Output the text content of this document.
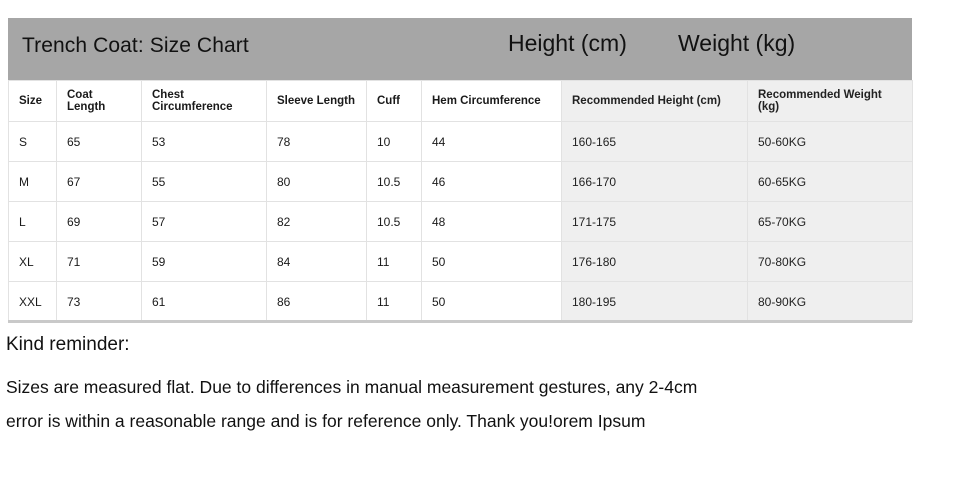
Trench Coat: Size Chart	Height (cm) Weight (kg)
Size	Coat Length	Chest Circumference	Sleeve Length	Cuff	Hem Circumference	Recommended Height (cm)	Recommended Weight (kg)
S	65	53	78	10	44	160-165	50-60KG
M	67	55	80	10.5	46	166-170	60-65KG
L	69	57	82	10.5	48	171-175	65-70KG
XL	71	59	84	11	50	176-180	70-80KG
XXL	73	61	86	11	50	180-195	80-90KG
Kind reminder:
Sizes are measured flat. Due to differences in manual measurement gestures, any 2-4cm
error is within a reasonable range and is for reference only. Thank you!orem Ipsum
